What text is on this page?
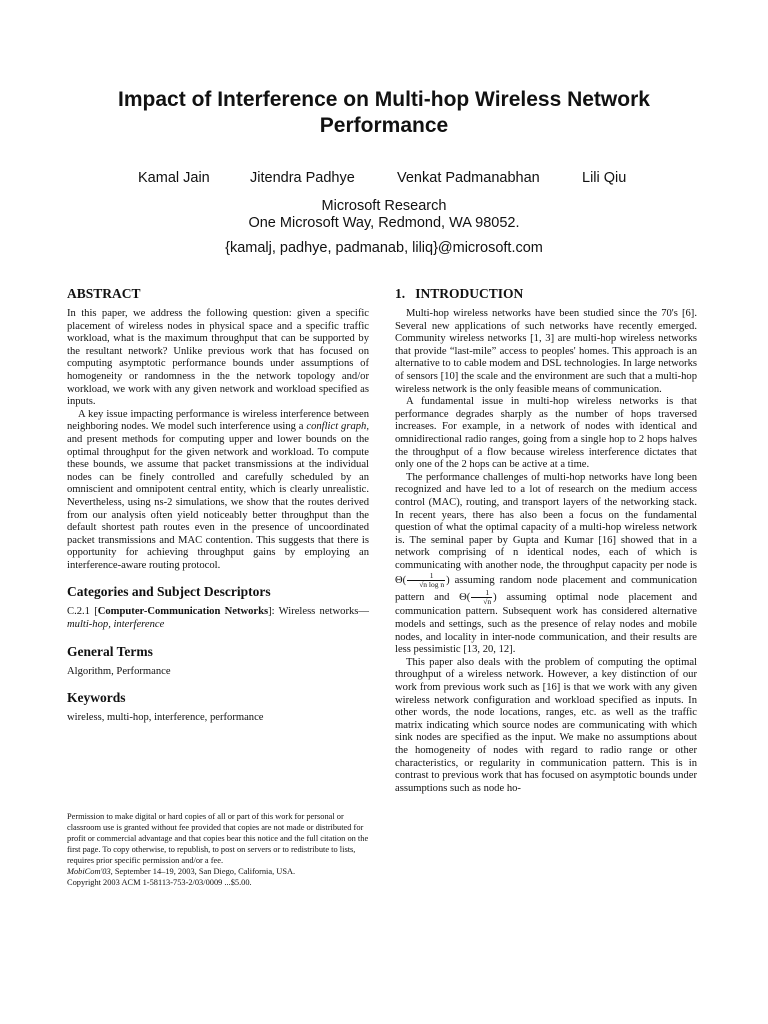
Impact of Interference on Multi-hop Wireless Network
Performance
Kamal Jain	Jitendra Padhye	Venkat Padmanabhan	Lili Qiu
Microsoft Research
One Microsoft Way, Redmond, WA 98052.
{kamalj, padhye, padmanab, liliq}@microsoft.com
ABSTRACT

In this paper, we address the following question: given a specific placement of wireless nodes in physical space and a specific traffic workload, what is the maximum throughput that can be supported by the resultant network? Unlike previous work that has focused on computing asymptotic performance bounds under assumptions of homogeneity or randomness in the the network topology and/or workload, we work with any given network and workload specified as inputs.

A key issue impacting performance is wireless interference between neighboring nodes. We model such interference using a conflict graph, and present methods for computing upper and lower bounds on the optimal throughput for the given network and workload. To compute these bounds, we assume that packet transmissions at the individual nodes can be finely controlled and carefully scheduled by an omniscient and omnipotent central entity, which is clearly unrealistic. Nevertheless, using ns-2 simulations, we show that the routes derived from our analysis often yield noticeably better throughput than the default shortest path routes even in the presence of uncoordinated packet transmissions and MAC contention. This suggests that there is opportunity for achieving throughput gains by employing an interference-aware routing protocol.

Categories and Subject Descriptors

C.2.1 [Computer-Communication Networks]: Wireless networks—multi-hop, interference

General Terms

Algorithm, Performance

Keywords

wireless, multi-hop, interference, performance

Permission to make digital or hard copies of all or part of this work for personal or classroom use is granted without fee provided that copies are not made or distributed for profit or commercial advantage and that copies bear this notice and the full citation on the first page. To copy otherwise, to republish, to post on servers or to redistribute to lists, requires prior specific permission and/or a fee.

MobiCom'03, September 14–19, 2003, San Diego, California, USA.

Copyright 2003 ACM 1-58113-753-2/03/0009 ...$5.00.

1.   INTRODUCTION

Multi-hop wireless networks have been studied since the 70's [6]. Several new applications of such networks have recently emerged. Community wireless networks [1, 3] are multi-hop wireless networks that provide “last-mile” access to peoples' homes. This approach is an alternative to to cable modem and DSL technologies. In large networks of sensors [10] the scale and the environment are such that a multi-hop wireless network is the only feasible means of communication.

A fundamental issue in multi-hop wireless networks is that performance degrades sharply as the number of hops traversed increases. For example, in a network of nodes with identical and omnidirectional radio ranges, going from a single hop to 2 hops halves the throughput of a flow because wireless interference dictates that only one of the 2 hops can be active at a time.

The performance challenges of multi-hop networks have long been recognized and have led to a lot of research on the medium access control (MAC), routing, and transport layers of the networking stack. In recent years, there has also been a focus on the fundamental question of what the optimal capacity of a multi-hop wireless network is. The seminal paper by Gupta and Kumar [16] showed that in a network comprising of n identical nodes, each of which is communicating with another node, the throughput capacity per node is $\Theta( \frac{1}{\text{√n log n}}$ ) assuming random node placement and communication pattern and $\Theta( \frac{1}{√n}$ ) assuming optimal node placement and communication pattern. Subsequent work has considered alternative models and settings, such as the presence of relay nodes and mobile nodes, and locality in inter-node communication, and their results are less pessimistic [13, 20, 12].

This paper also deals with the problem of computing the optimal throughput of a wireless network. However, a key distinction of our work from previous work such as [16] is that we work with any given wireless network configuration and workload specified as inputs. In other words, the node locations, ranges, etc. as well as the traffic matrix indicating which source nodes are communicating with which sink nodes are specified as the input. We make no assumptions about the homogeneity of nodes with regard to radio range or other characteristics, or regularity in communication pattern. This is in contrast to previous work that has focused on asymptotic bounds under assumptions such as node ho-
